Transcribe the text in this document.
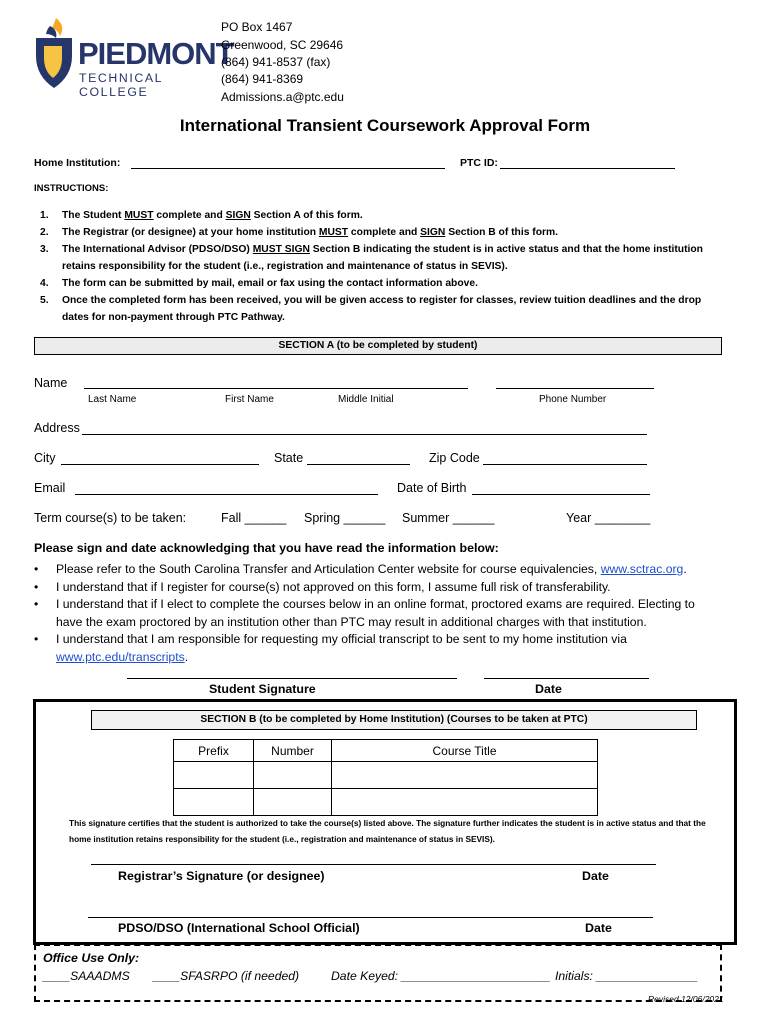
PIEDMONT
TECHNICAL COLLEGE
PO Box 1467
Greenwood, SC 29646
(864) 941-8537 (fax)
(864) 941-8369
Admissions.a@ptc.edu
International Transient Coursework Approval Form
Home Institution:	PTC ID:
INSTRUCTIONS:
1. The Student MUST complete and SIGN Section A of this form.
2. The Registrar (or designee) at your home institution MUST complete and SIGN Section B of this form.
3. The International Advisor (PDSO/DSO) MUST SIGN Section B indicating the student is in active status and that the home institution retains responsibility for the student (i.e., registration and maintenance of status in SEVIS).
4. The form can be submitted by mail, email or fax using the contact information above.
5. Once the completed form has been received, you will be given access to register for classes, review tuition deadlines and the drop dates for non-payment through PTC Pathway.
SECTION A (to be completed by student)
Name
Last Name	First Name	Middle Initial	Phone Number
Address
City	State	Zip Code
Email	Date of Birth
Term course(s) to be taken:	Fall ______ Spring ______ Summer ______	Year ________
Please sign and date acknowledging that you have read the information below:
• Please refer to the South Carolina Transfer and Articulation Center website for course equivalencies, www.sctrac.org.
• I understand that if I register for course(s) not approved on this form, I assume full risk of transferability.
• I understand that if I elect to complete the courses below in an online format, proctored exams are required. Electing to have the exam proctored by an institution other than PTC may result in additional charges with that institution.
• I understand that I am responsible for requesting my official transcript to be sent to my home institution via www.ptc.edu/transcripts.
Student Signature	Date
SECTION B (to be completed by Home Institution) (Courses to be taken at PTC)
Prefix	Number	Course Title

This signature certifies that the student is authorized to take the course(s) listed above. The signature further indicates the student is in active status and that the home institution retains responsibility for the student (i.e., registration and maintenance of status in SEVIS).
Registrar’s Signature (or designee)	Date
PDSO/DSO (International School Official)	Date
Office Use Only:
____SAAADMS ____SFASRPO (if needed)	Date Keyed: ______________________ Initials: _______________
Revised 12/06/2021
